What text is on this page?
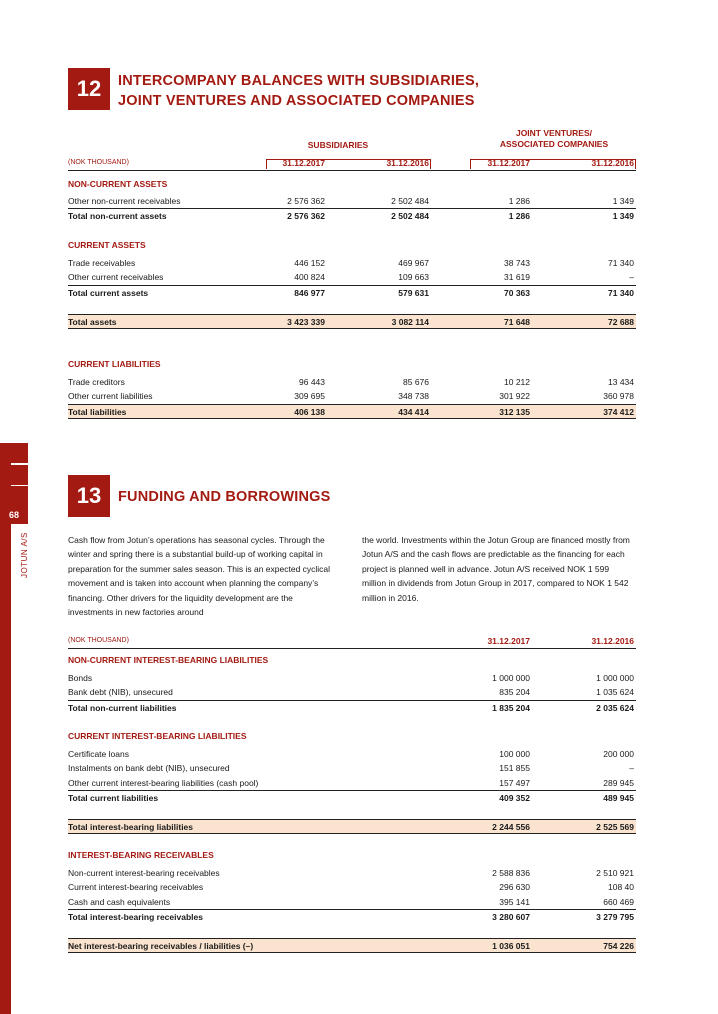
68
JOTUN A/S
12	INTERCOMPANY BALANCES WITH SUBSIDIARIES,
JOINT VENTURES AND ASSOCIATED COMPANIES
SUBSIDIARIES
JOINT VENTURES/
ASSOCIATED COMPANIES
(NOK THOUSAND)	31.12.2017	31.12.2016	31.12.2017	31.12.2016
NON-CURRENT ASSETS
Other non-current receivables	2 576 362	2 502 484	1 286	1 349
Total non-current assets	2 576 362	2 502 484	1 286	1 349
CURRENT ASSETS
Trade receivables	446 152	469 967	38 743	71 340
Other current receivables	400 824	109 663	31 619	–
Total current assets	846 977	579 631	70 363	71 340
Total assets	3 423 339	3 082 114	71 648	72 688
CURRENT LIABILITIES
Trade creditors	96 443	85 676	10 212	13 434
Other current liabilities	309 695	348 738	301 922	360 978
Total liabilities	406 138	434 414	312 135	374 412
13	FUNDING AND BORROWINGS
Cash flow from Jotun’s operations has seasonal cycles. Through the winter and spring there is a substantial build-up of working capital in preparation for the summer sales season. This is an expected cyclical movement and is taken into account when planning the company’s financing. Other drivers for the liquidity development are the investments in new factories around
the world. Investments within the Jotun Group are financed mostly from Jotun A/S and the cash flows are predictable as the financing for each project is planned well in advance. Jotun A/S received NOK 1 599 million in dividends from Jotun Group in 2017, compared to NOK 1 542 million in 2016.
(NOK THOUSAND)	31.12.2017	31.12.2016
NON-CURRENT INTEREST-BEARING LIABILITIES
Bonds	1 000 000	1 000 000
Bank debt (NIB), unsecured	835 204	1 035 624
Total non-current liabilities	1 835 204	2 035 624
CURRENT INTEREST-BEARING LIABILITIES
Certificate loans	100 000	200 000
Instalments on bank debt (NIB), unsecured	151 855	–
Other current interest-bearing liabilities (cash pool)	157 497	289 945
Total current liabilities	409 352	489 945
Total interest-bearing liabilities	2 244 556	2 525 569
INTEREST-BEARING RECEIVABLES
Non-current interest-bearing receivables	2 588 836	2 510 921
Current interest-bearing receivables	296 630	108 40
Cash and cash equivalents	395 141	660 469
Total interest-bearing receivables	3 280 607	3 279 795
Net interest-bearing receivables / liabilities (–)	1 036 051	754 226
